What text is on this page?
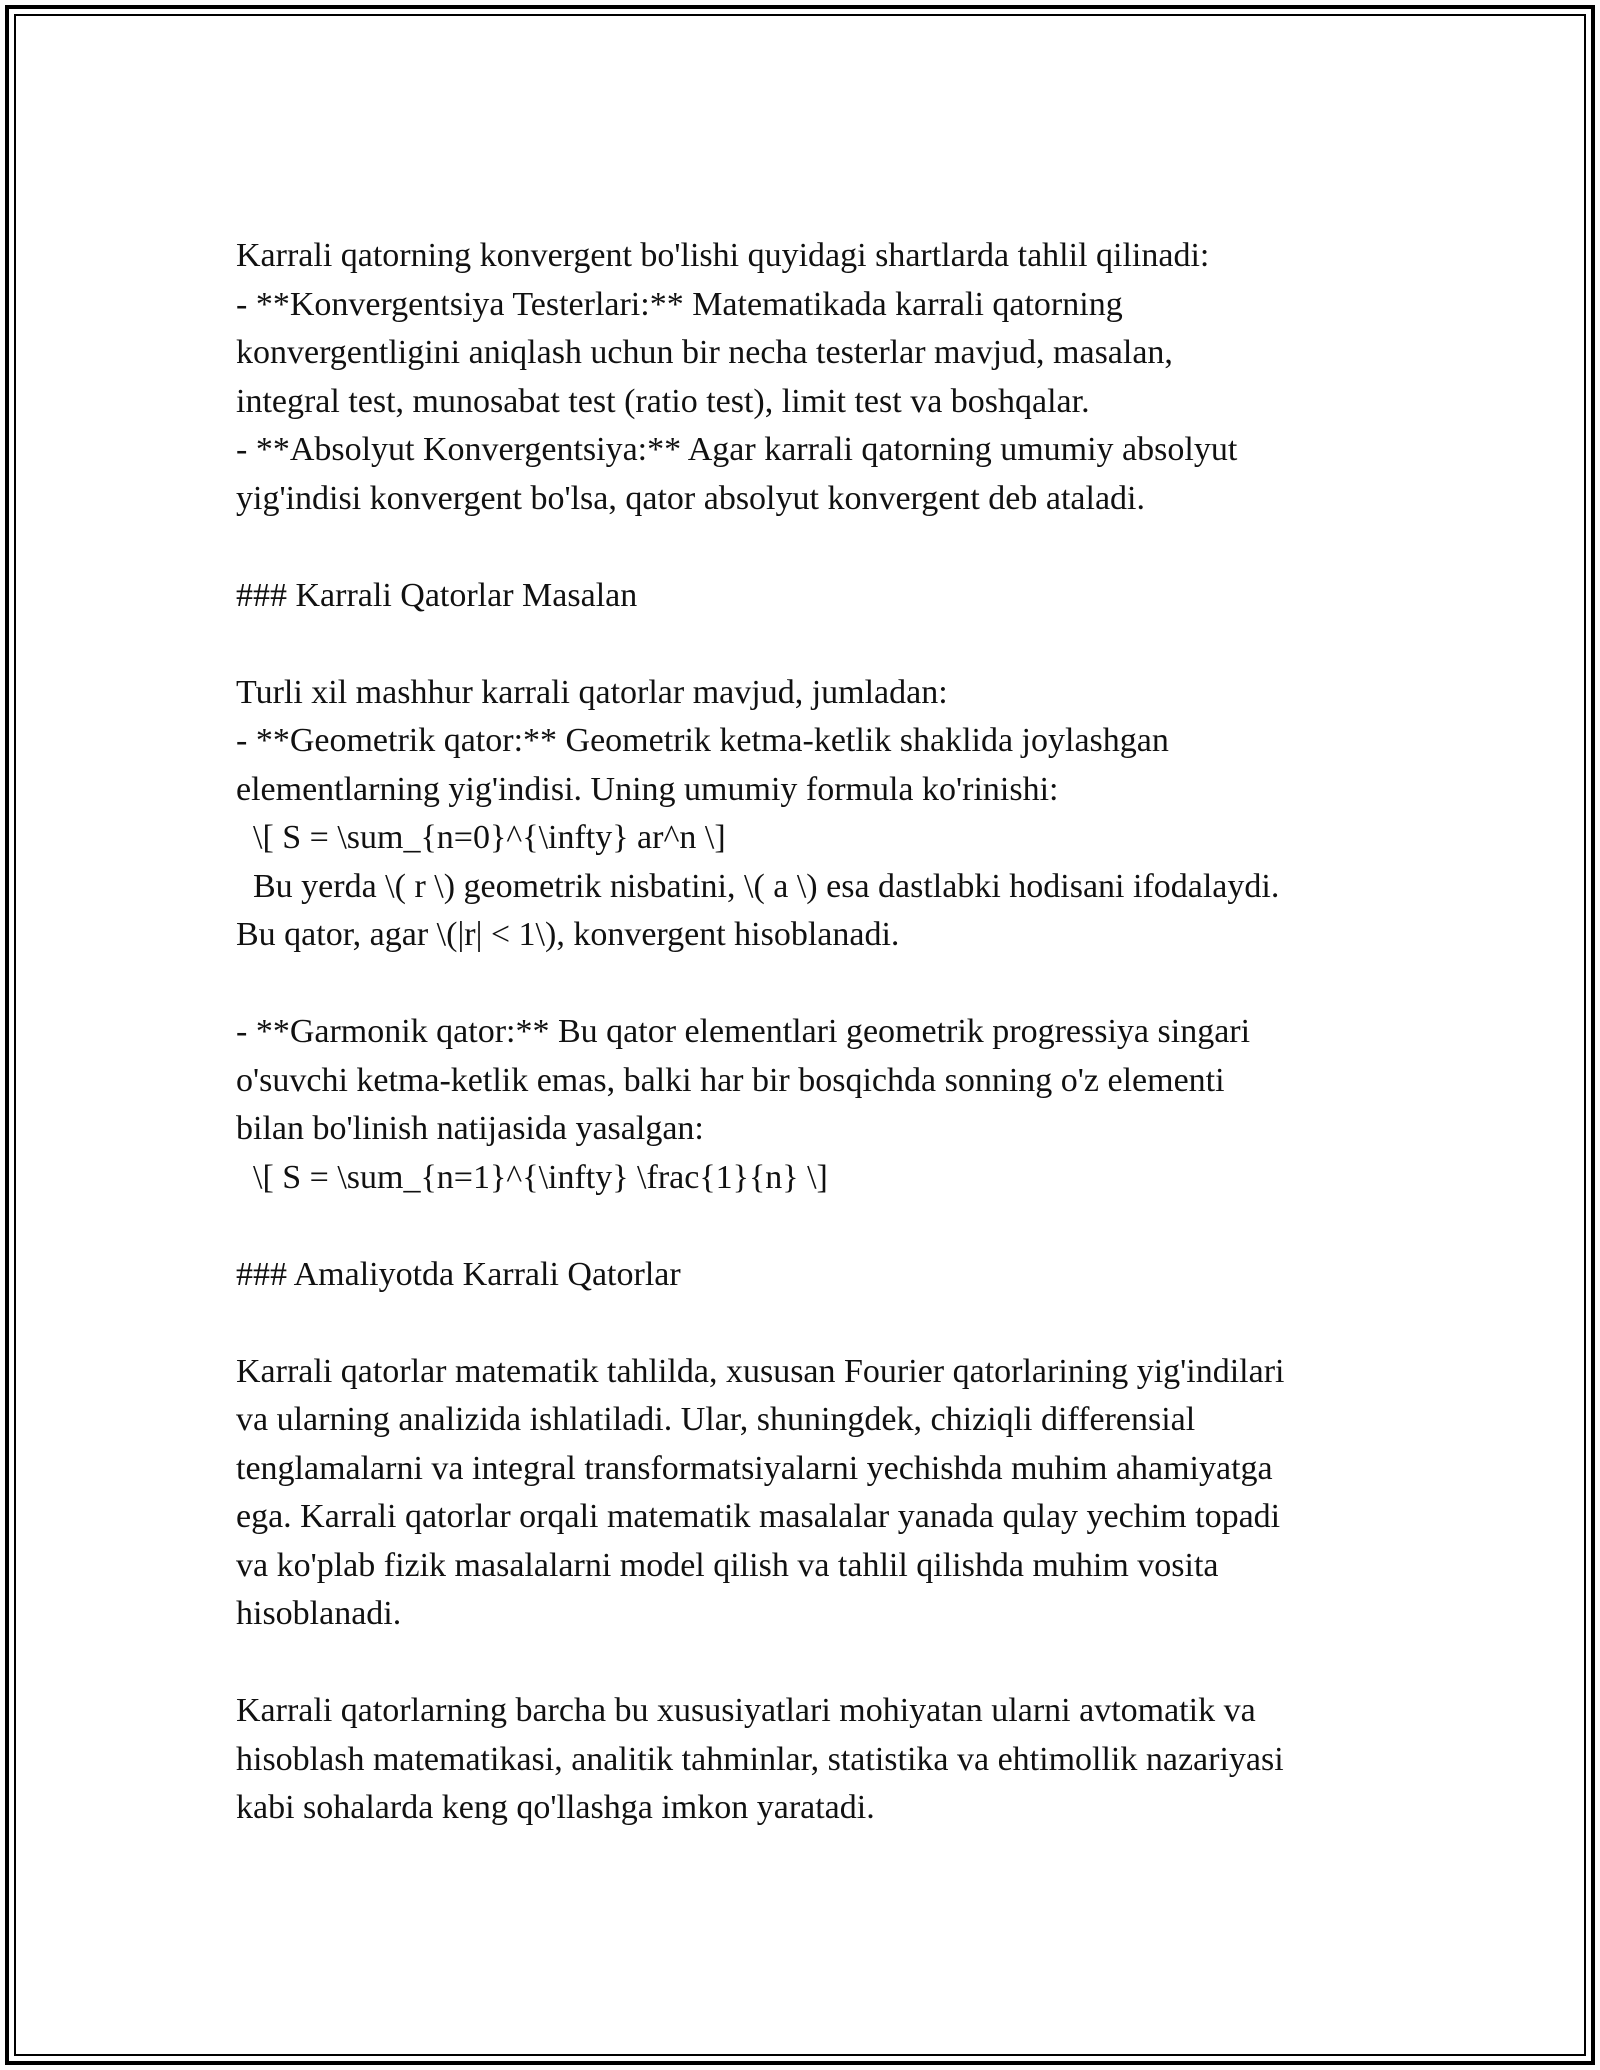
Karrali qatorning konvergent bo'lishi quyidagi shartlarda tahlil qilinadi:
- **Konvergentsiya Testerlari:** Matematikada karrali qatorning
konvergentligini aniqlash uchun bir necha testerlar mavjud, masalan,
integral test, munosabat test (ratio test), limit test va boshqalar.
- **Absolyut Konvergentsiya:** Agar karrali qatorning umumiy absolyut
yig'indisi konvergent bo'lsa, qator absolyut konvergent deb ataladi.
### Karrali Qatorlar Masalan
Turli xil mashhur karrali qatorlar mavjud, jumladan:
- **Geometrik qator:** Geometrik ketma-ketlik shaklida joylashgan
elementlarning yig'indisi. Uning umumiy formula ko'rinishi:
\[ S = \sum_{n=0}^{\infty} ar^n \]
Bu yerda \( r \) geometrik nisbatini, \( a \) esa dastlabki hodisani ifodalaydi.
Bu qator, agar \(|r| < 1\), konvergent hisoblanadi.
- **Garmonik qator:** Bu qator elementlari geometrik progressiya singari
o'suvchi ketma-ketlik emas, balki har bir bosqichda sonning o'z elementi
bilan bo'linish natijasida yasalgan:
\[ S = \sum_{n=1}^{\infty} \frac{1}{n} \]
### Amaliyotda Karrali Qatorlar
Karrali qatorlar matematik tahlilda, xususan Fourier qatorlarining yig'indilari
va ularning analizida ishlatiladi. Ular, shuningdek, chiziqli differensial
tenglamalarni va integral transformatsiyalarni yechishda muhim ahamiyatga
ega. Karrali qatorlar orqali matematik masalalar yanada qulay yechim topadi
va ko'plab fizik masalalarni model qilish va tahlil qilishda muhim vosita
hisoblanadi.
Karrali qatorlarning barcha bu xususiyatlari mohiyatan ularni avtomatik va
hisoblash matematikasi, analitik tahminlar, statistika va ehtimollik nazariyasi
kabi sohalarda keng qo'llashga imkon yaratadi.
